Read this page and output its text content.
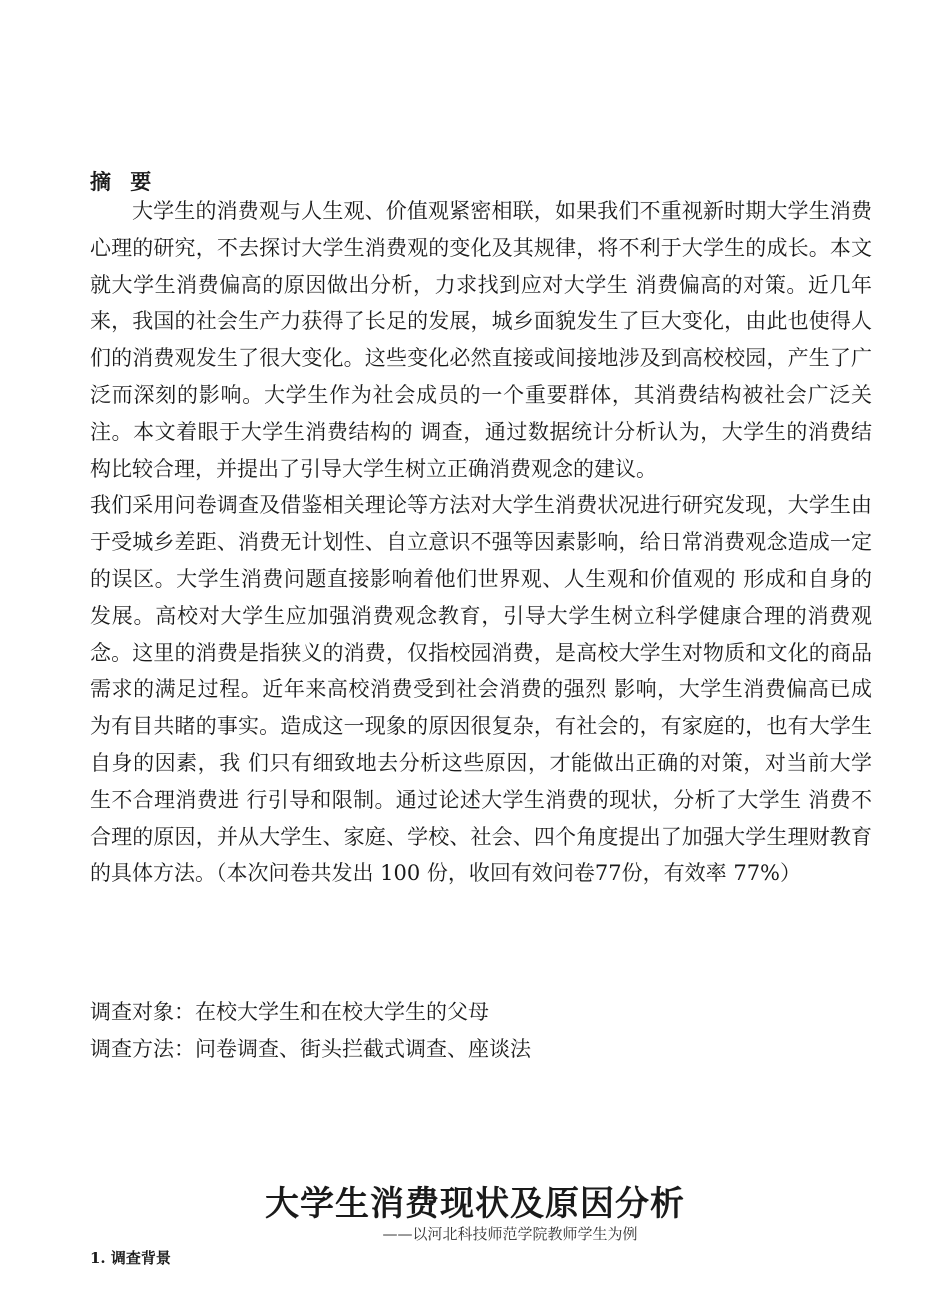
摘 要

大学生的消费观与人生观、价值观紧密相联，如果我们不重视新时期大学生消费心理的研究，不去探讨大学生消费观的变化及其规律，将不利于大学生的成长。本文就大学生消费偏高的原因做出分析，力求找到应对大学生 消费偏高的对策。近几年来，我国的社会生产力获得了长足的发展，城乡面貌发生了巨大变化，由此也使得人们的消费观发生了很大变化。这些变化必然直接或间接地涉及到高校校园，产生了广泛而深刻的影响。大学生作为社会成员的一个重要群体，其消费结构被社会广泛关注。本文着眼于大学生消费结构的 调查，通过数据统计分析认为，大学生的消费结构比较合理，并提出了引导大学生树立正确消费观念的建议。

我们采用问卷调查及借鉴相关理论等方法对大学生消费状况进行研究发现，大学生由于受城乡差距、消费无计划性、自立意识不强等因素影响，给日常消费观念造成一定的误区。大学生消费问题直接影响着他们世界观、人生观和价值观的 形成和自身的发展。高校对大学生应加强消费观念教育，引导大学生树立科学健康合理的消费观念。这里的消费是指狭义的消费，仅指校园消费，是高校大学生对物质和文化的商品需求的满足过程。近年来高校消费受到社会消费的强烈 影响，大学生消费偏高已成为有目共睹的事实。造成这一现象的原因很复杂，有社会的，有家庭的，也有大学生自身的因素，我 们只有细致地去分析这些原因，才能做出正确的对策，对当前大学生不合理消费进 行引导和限制。通过论述大学生消费的现状，分析了大学生 消费不合理的原因，并从大学生、家庭、学校、社会、四个角度提出了加强大学生理财教育的具体方法。（本次问卷共发出 100 份，收回有效问卷77份，有效率 77%）

调查对象：在校大学生和在校大学生的父母
调查方法：问卷调查、街头拦截式调查、座谈法
大学生消费现状及原因分析
——以河北科技师范学院教师学生为例
1. 调查背景
